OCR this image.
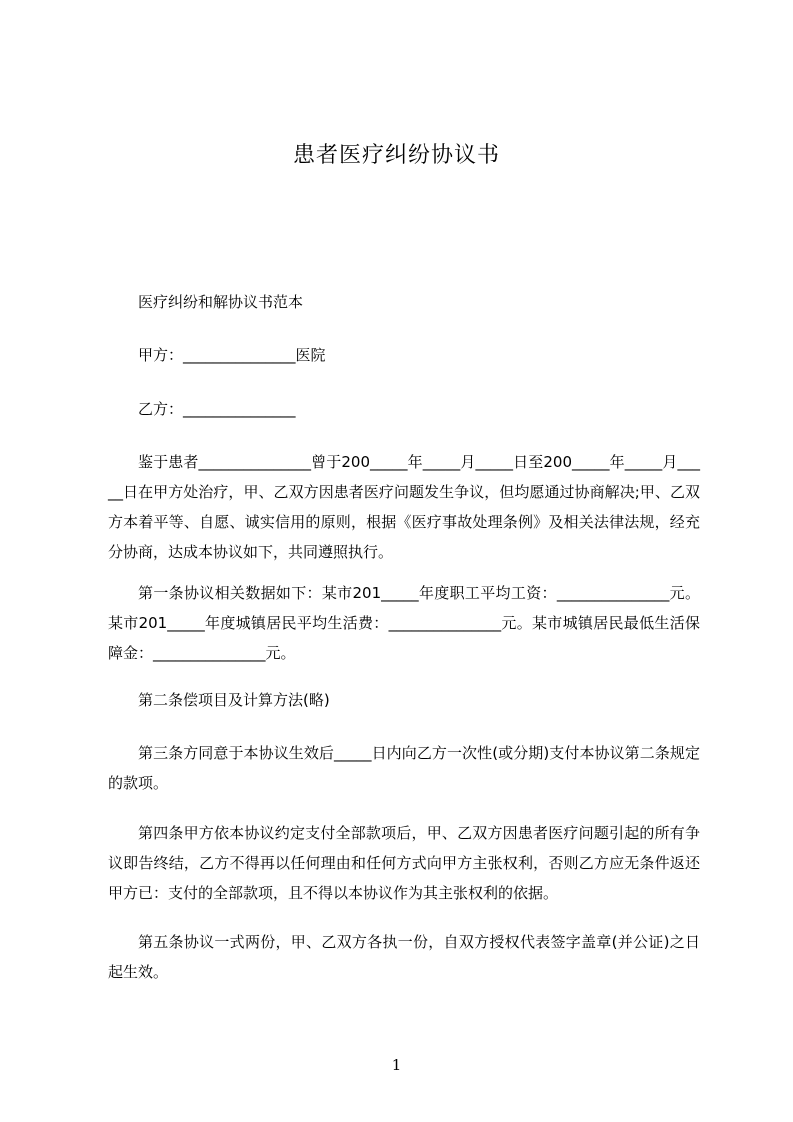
患者医疗纠纷协议书

医疗纠纷和解协议书范本

甲方：_______________医院

乙方：_______________

鉴于患者_______________曾于200_____年_____月_____日至200_____年_____月_____日在甲方处治疗，甲、乙双方因患者医疗问题发生争议，但均愿通过协商解决;甲、乙双方本着平等、自愿、诚实信用的原则，根据《医疗事故处理条例》及相关法律法规，经充分协商，达成本协议如下，共同遵照执行。

第一条协议相关数据如下：某市201_____年度职工平均工资：_______________元。某市201_____年度城镇居民平均生活费：_______________元。某市城镇居民最低生活保障金：_______________元。

第二条偿项目及计算方法(略)

第三条方同意于本协议生效后_____日内向乙方一次性(或分期)支付本协议第二条规定的款项。

第四条甲方依本协议约定支付全部款项后，甲、乙双方因患者医疗问题引起的所有争议即告终结，乙方不得再以任何理由和任何方式向甲方主张权利，否则乙方应无条件返还甲方已：支付的全部款项，且不得以本协议作为其主张权利的依据。

第五条协议一式两份，甲、乙双方各执一份，自双方授权代表签字盖章(并公证)之日起生效。

1
